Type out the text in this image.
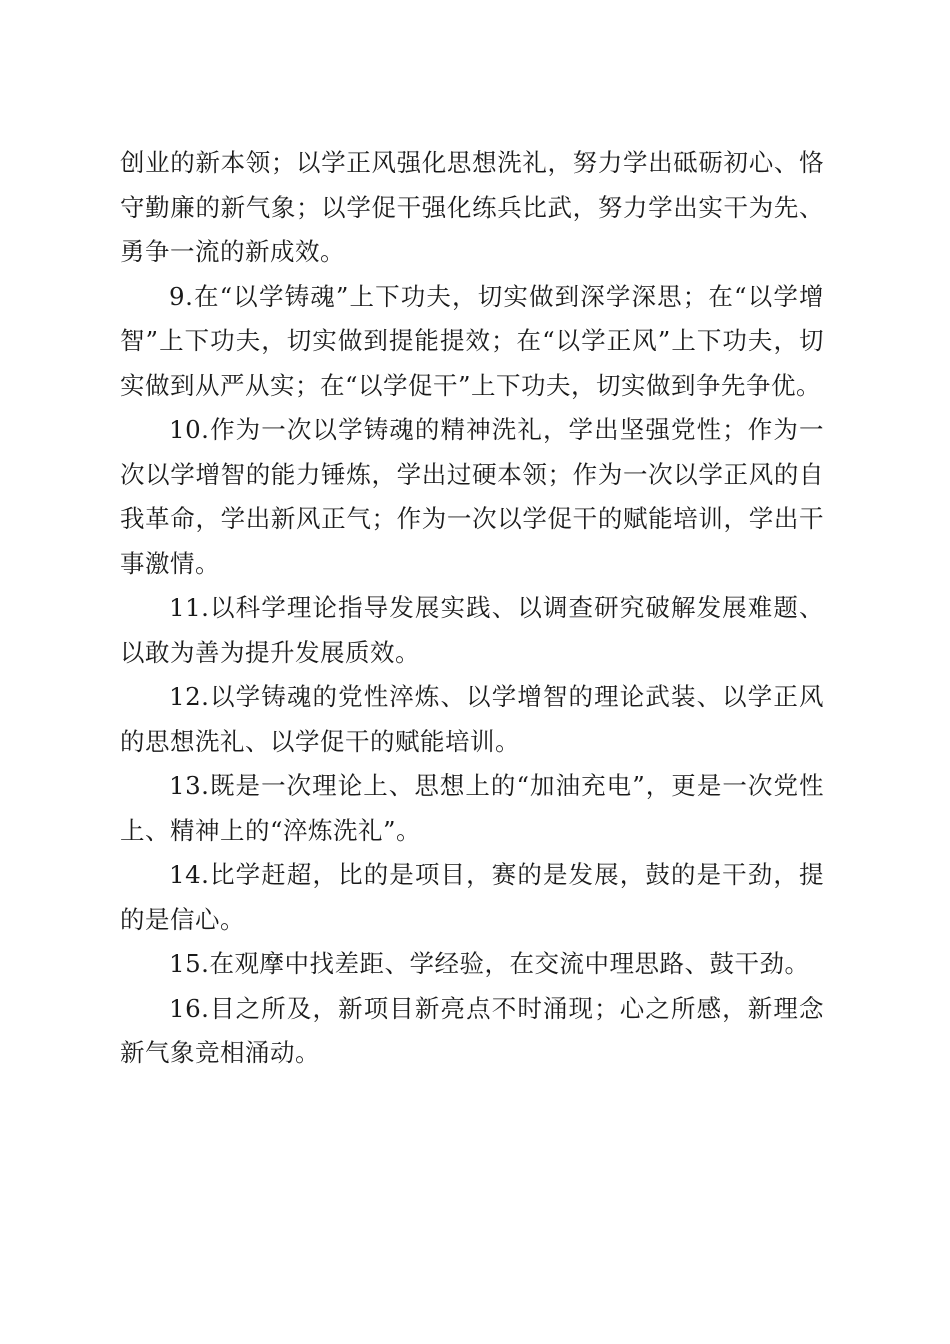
创业的新本领；以学正风强化思想洗礼，努力学出砥砺初心、恪守勤廉的新气象；以学促干强化练兵比武，努力学出实干为先、勇争一流的新成效。

9.在“以学铸魂”上下功夫，切实做到深学深思；在“以学增智”上下功夫，切实做到提能提效；在“以学正风”上下功夫，切实做到从严从实；在“以学促干”上下功夫，切实做到争先争优。

10.作为一次以学铸魂的精神洗礼，学出坚强党性；作为一次以学增智的能力锤炼，学出过硬本领；作为一次以学正风的自我革命，学出新风正气；作为一次以学促干的赋能培训，学出干事激情。

11.以科学理论指导发展实践、以调查研究破解发展难题、以敢为善为提升发展质效。

12.以学铸魂的党性淬炼、以学增智的理论武装、以学正风的思想洗礼、以学促干的赋能培训。

13.既是一次理论上、思想上的“加油充电”，更是一次党性上、精神上的“淬炼洗礼”。

14.比学赶超，比的是项目，赛的是发展，鼓的是干劲，提的是信心。

15.在观摩中找差距、学经验，在交流中理思路、鼓干劲。

16.目之所及，新项目新亮点不时涌现；心之所感，新理念新气象竞相涌动。
